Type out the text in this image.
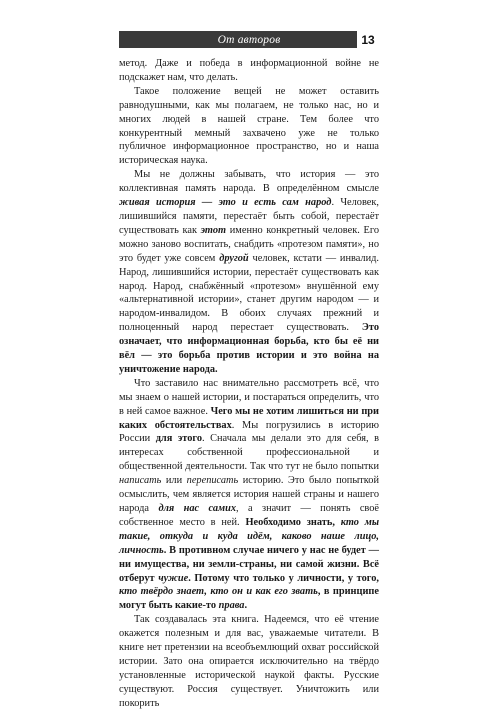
От авторов	13

метод. Даже и победа в информационной войне не подскажет нам, что делать.

Такое положение вещей не может оставить равнодушными, как мы полагаем, не только нас, но и многих людей в нашей стране. Тем более что конкурентный мемный захвачено уже не только публичное информационное пространство, но и наша историческая наука.

Мы не должны забывать, что история — это коллективная память народа. В определённом смысле живая история — это и есть сам народ. Человек, лишившийся памяти, перестаёт быть собой, перестаёт существовать как этот именно конкретный человек. Его можно заново воспитать, снабдить «протезом памяти», но это будет уже совсем другой человек, кстати — инвалид. Народ, лишившийся истории, перестаёт существовать как народ. Народ, снабжённый «протезом» внушённой ему «альтернативной истории», станет другим народом — и народом-инвалидом. В обоих случаях прежний и полноценный народ перестает существовать. Это означает, что информационная борьба, кто бы её ни вёл — это борьба против истории и это война на уничтожение народа.

Что заставило нас внимательно рассмотреть всё, что мы знаем о нашей истории, и постараться определить, что в ней самое важное. Чего мы не хотим лишиться ни при каких обстоятельствах. Мы погрузились в историю России для этого. Сначала мы делали это для себя, в интересах собственной профессиональной и общественной деятельности. Так что тут не было попытки написать или переписать историю. Это было попыткой осмыслить, чем является история нашей страны и нашего народа для нас самих, а значит — понять своё собственное место в ней. Необходимо знать, кто мы такие, откуда и куда идём, каково наше лицо, личность. В противном случае ничего у нас не будет — ни имущества, ни земли-страны, ни самой жизни. Всё отберут чужие. Потому что только у личности, у того, кто твёрдо знает, кто он и как его звать, в принципе могут быть какие-то права.

Так создавалась эта книга. Надеемся, что её чтение окажется полезным и для вас, уважаемые читатели. В книге нет претензии на всеобъемлющий охват российской истории. Зато она опирается исключительно на твёрдо установленные исторической наукой факты. Русские существуют. Россия существует. Уничтожить или покорить
